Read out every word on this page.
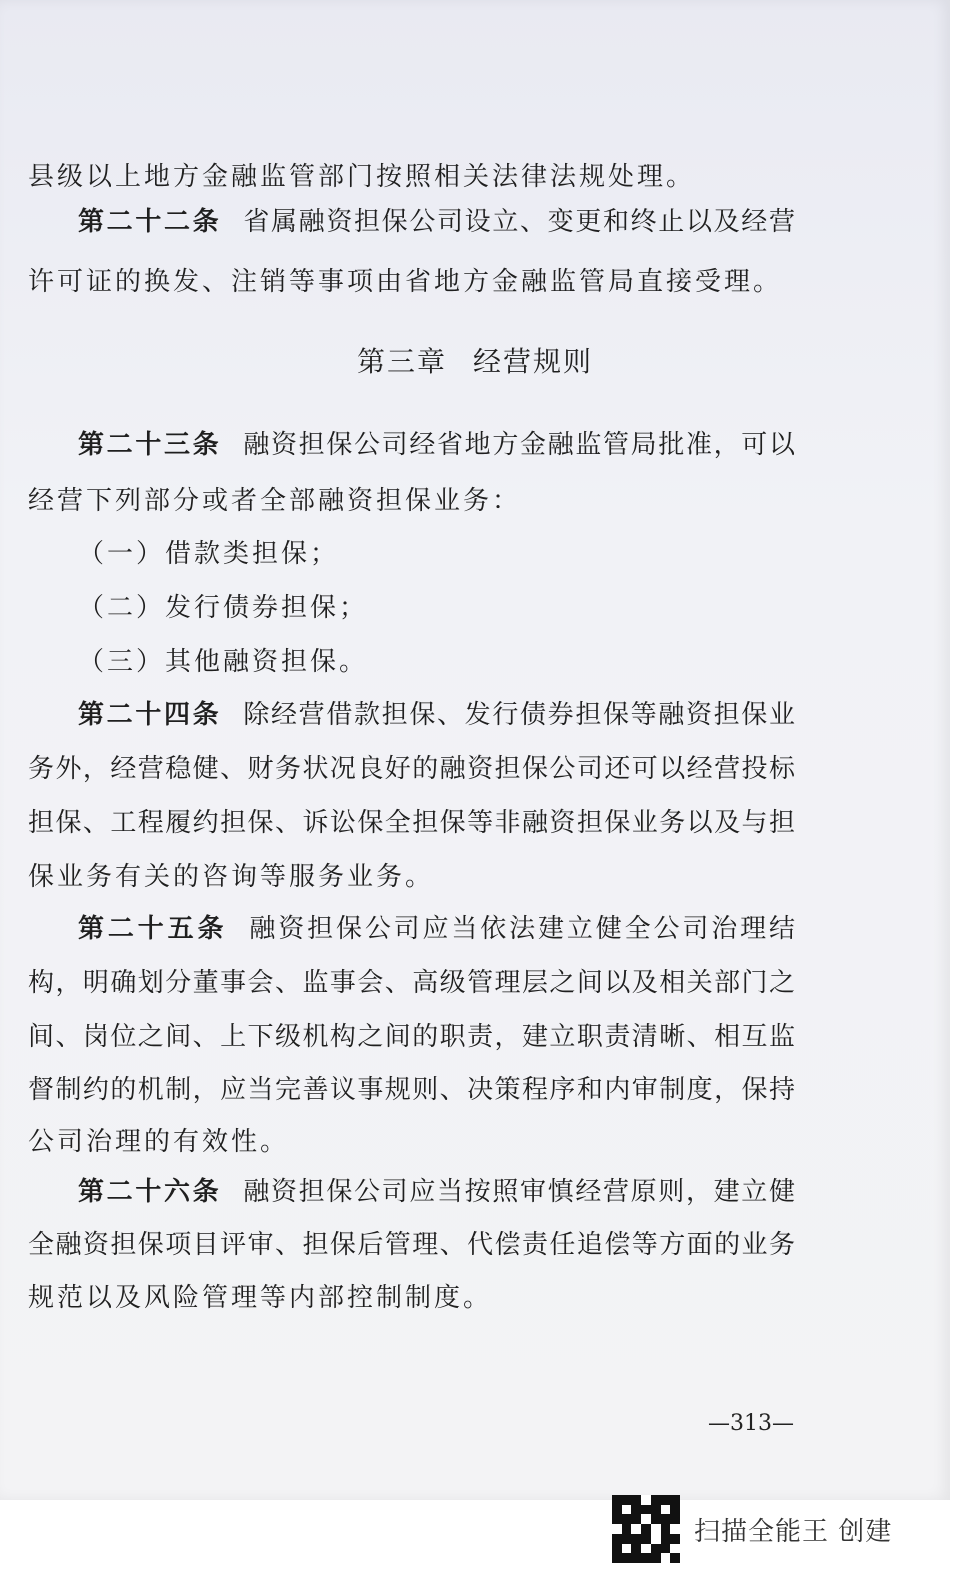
县级以上地方金融监管部门按照相关法律法规处理。
第二十二条 省属融资担保公司设立、变更和终止以及经营
许可证的换发、注销等事项由省地方金融监管局直接受理。
第三章 经营规则
第二十三条 融资担保公司经省地方金融监管局批准，可以
经营下列部分或者全部融资担保业务：
（一）借款类担保；
（二）发行债券担保；
（三）其他融资担保。
第二十四条 除经营借款担保、发行债券担保等融资担保业
务外，经营稳健、财务状况良好的融资担保公司还可以经营投标
担保、工程履约担保、诉讼保全担保等非融资担保业务以及与担
保业务有关的咨询等服务业务。
第二十五条 融资担保公司应当依法建立健全公司治理结
构，明确划分董事会、监事会、高级管理层之间以及相关部门之
间、岗位之间、上下级机构之间的职责，建立职责清晰、相互监
督制约的机制，应当完善议事规则、决策程序和内审制度，保持
公司治理的有效性。
第二十六条 融资担保公司应当按照审慎经营原则，建立健
全融资担保项目评审、担保后管理、代偿责任追偿等方面的业务
规范以及风险管理等内部控制制度。
—313—
扫描全能王 创建
